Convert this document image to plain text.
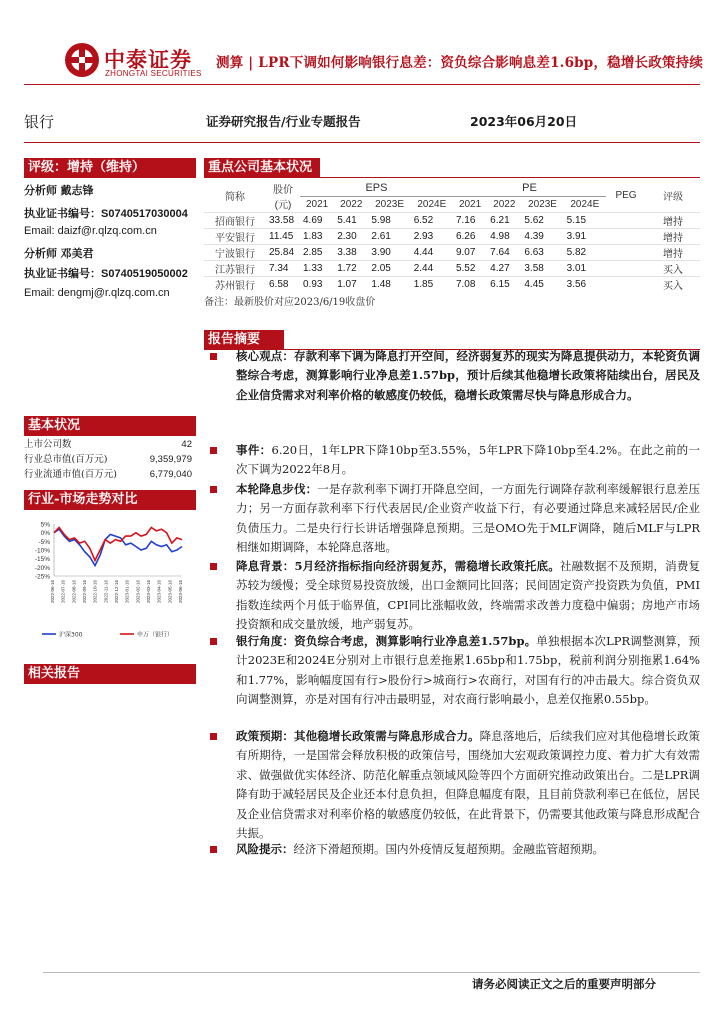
中泰证券
ZHONGTAI SECURITIES
测算 | LPR下调如何影响银行息差：资负综合影响息差1.6bp，稳增长政策持续
银行	证券研究报告/行业专题报告	2023年06月20日
评级：增持（维持）
分析师 戴志锋
执业证书编号：S0740517030004
Email: daizf@r.qlzq.com.cn
分析师 邓美君
执业证书编号：S0740519050002
Email: dengmj@r.qlzq.com.cn
基本状况
上市公司数	42
行业总市值(百万元)	9,359,979
行业流通市值(百万元)	6,779,040
行业-市场走势对比
5%
0%
-5%
-10%
-15%
-20%
-25%
2022-06-16 2022-07-16 2022-08-16 2022-09-16 2022-10-16 2022-11-16 2022-12-16 2023-01-16 2023-02-16 2023-03-16 2023-04-16 2023-05-16 2023-06-16
沪深300	申万（银行）
相关报告
重点公司基本状况
简称	股价	EPS				PE				PEG	评级
	(元)	2021	2022	2023E	2024E	2021	2022	2023E	2024E		
招商银行	33.58	4.69	5.41	5.98	6.52	7.16	6.21	5.62	5.15		增持
平安银行	11.45	1.83	2.30	2.61	2.93	6.26	4.98	4.39	3.91		增持
宁波银行	25.84	2.85	3.38	3.90	4.44	9.07	7.64	6.63	5.82		增持
江苏银行	7.34	1.33	1.72	2.05	2.44	5.52	4.27	3.58	3.01		买入
苏州银行	6.58	0.93	1.07	1.48	1.85	7.08	6.15	4.45	3.56		买入
备注：最新股价对应2023/6/19收盘价
报告摘要
核心观点：存款利率下调为降息打开空间，经济弱复苏的现实为降息提供动力，本轮资负调整综合考虑，测算影响行业净息差1.57bp，预计后续其他稳增长政策将陆续出台，居民及企业信贷需求对利率价格的敏感度仍较低，稳增长政策需尽快与降息形成合力。
事件：6.20日，1年LPR下降10bp至3.55%，5年LPR下降10bp至4.2%。在此之前的一次下调为2022年8月。
本轮降息步伐：一是存款利率下调打开降息空间，一方面先行调降存款利率缓解银行息差压力；另一方面存款利率下行代表居民/企业资产收益下行，有必要通过降息来减轻居民/企业负债压力。二是央行行长讲话增强降息预期。三是OMO先于MLF调降，随后MLF与LPR相继如期调降，本轮降息落地。
降息背景：5月经济指标指向经济弱复苏，需稳增长政策托底。社融数据不及预期，消费复苏较为缓慢；受全球贸易投资放缓，出口金额同比回落；民间固定资产投资跌为负值，PMI指数连续两个月低于临界值，CPI同比涨幅收敛，终端需求改善力度稳中偏弱；房地产市场投资额和成交量放缓，地产弱复苏。
银行角度：资负综合考虑，测算影响行业净息差1.57bp。单独根据本次LPR调整测算，预计2023E和2024E分别对上市银行息差拖累1.65bp和1.75bp，税前利润分别拖累1.64%和1.77%，影响幅度国有行>股份行>城商行>农商行，对国有行的冲击最大。综合资负双向调整测算，亦是对国有行冲击最明显，对农商行影响最小，息差仅拖累0.55bp。
政策预期：其他稳增长政策需与降息形成合力。降息落地后，后续我们应对其他稳增长政策有所期待，一是国常会释放积极的政策信号，围绕加大宏观政策调控力度、着力扩大有效需求、做强做优实体经济、防范化解重点领域风险等四个方面研究推动政策出台。二是LPR调降有助于减轻居民及企业还本付息负担，但降息幅度有限，且目前贷款利率已在低位，居民及企业信贷需求对利率价格的敏感度仍较低，在此背景下，仍需要其他政策与降息形成配合共振。
风险提示：经济下滑超预期。国内外疫情反复超预期。金融监管超预期。
请务必阅读正文之后的重要声明部分
